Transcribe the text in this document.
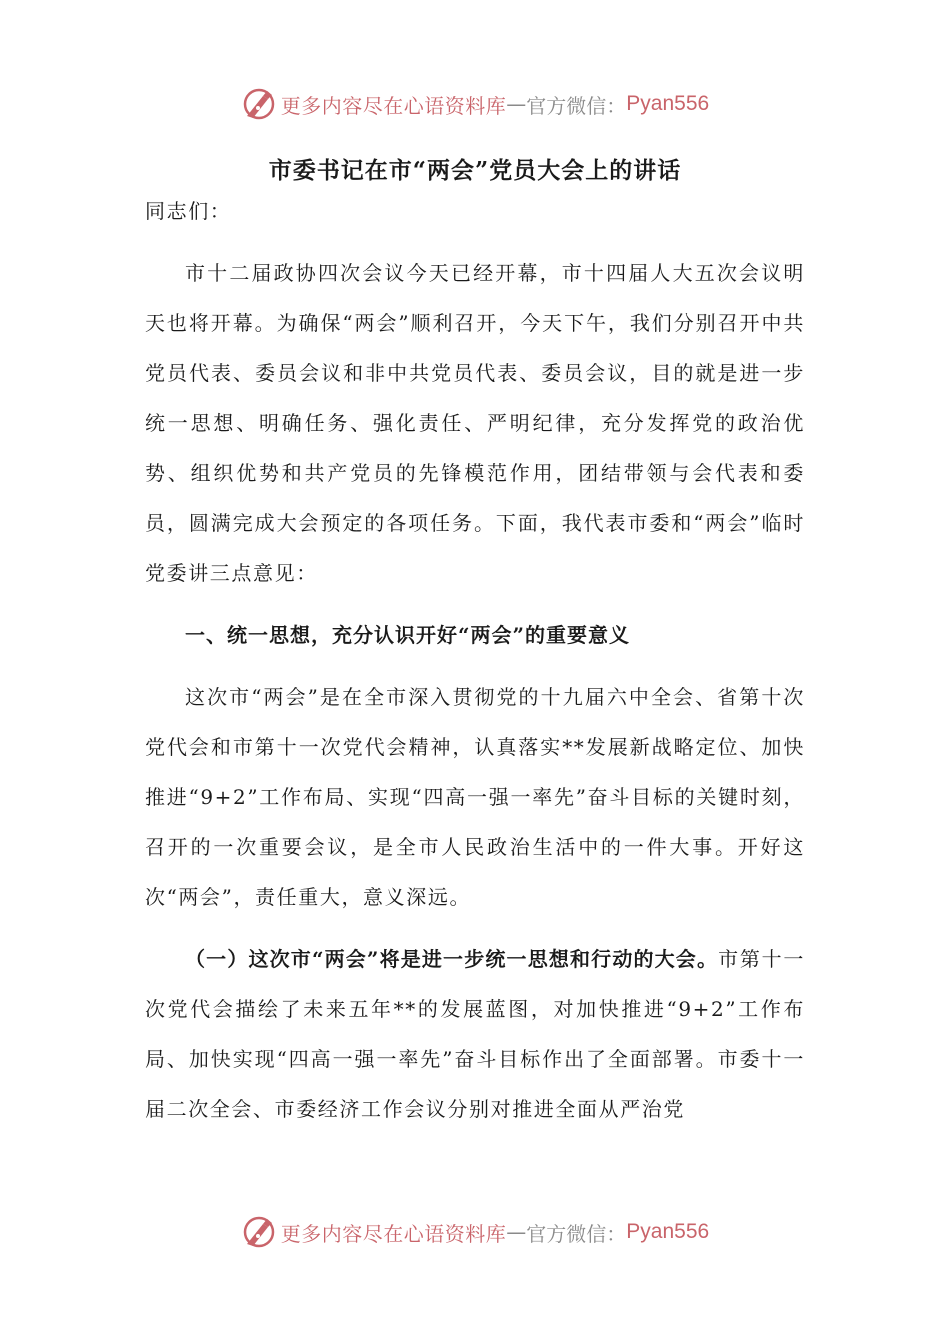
更多内容尽在心语资料库 — 官方微信： Pyan556
市委书记在市“两会”党员大会上的讲话

同志们：

市十二届政协四次会议今天已经开幕，市十四届人大五次会议明天也将开幕。为确保“两会”顺利召开，今天下午，我们分别召开中共党员代表、委员会议和非中共党员代表、委员会议，目的就是进一步统一思想、明确任务、强化责任、严明纪律，充分发挥党的政治优势、组织优势和共产党员的先锋模范作用，团结带领与会代表和委员，圆满完成大会预定的各项任务。下面，我代表市委和“两会”临时党委讲三点意见：

一、统一思想，充分认识开好“两会”的重要意义

这次市“两会”是在全市深入贯彻党的十九届六中全会、省第十次党代会和市第十一次党代会精神，认真落实**发展新战略定位、加快推进“9+2”工作布局、实现“四高一强一率先”奋斗目标的关键时刻，召开的一次重要会议，是全市人民政治生活中的一件大事。开好这次“两会”，责任重大，意义深远。

（一）这次市“两会”将是进一步统一思想和行动的大会。市第十一次党代会描绘了未来五年**的发展蓝图，对加快推进“9+2”工作布局、加快实现“四高一强一率先”奋斗目标作出了全面部署。市委十一届二次全会、市委经济工作会议分别对推进全面从严治党

更多内容尽在心语资料库 — 官方微信： Pyan556
